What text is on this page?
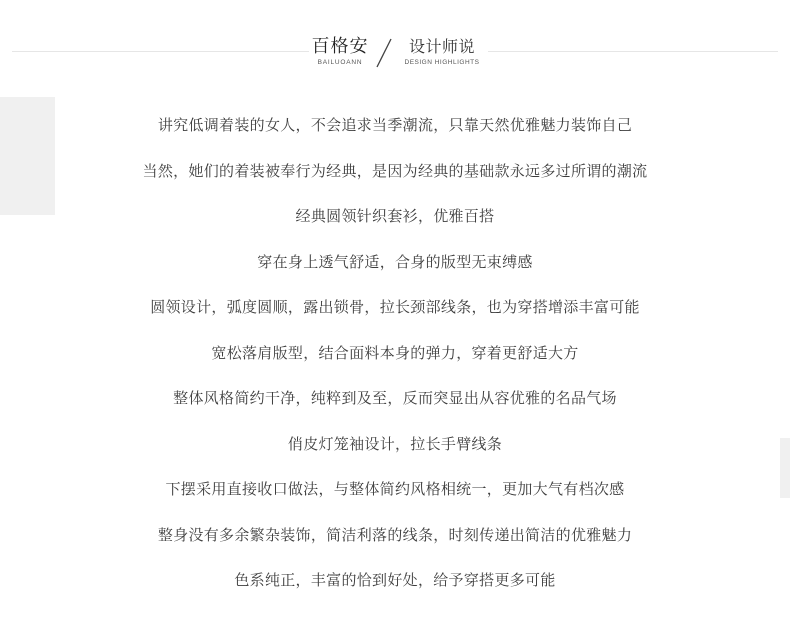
百格安
BAILUOANN
设计师说
DESIGN HIGHLIGHTS
讲究低调着装的女人，不会追求当季潮流，只靠天然优雅魅力装饰自己
当然，她们的着装被奉行为经典，是因为经典的基础款永远多过所谓的潮流
经典圆领针织套衫，优雅百搭
穿在身上透气舒适，合身的版型无束缚感
圆领设计，弧度圆顺，露出锁骨，拉长颈部线条，也为穿搭增添丰富可能
宽松落肩版型，结合面料本身的弹力，穿着更舒适大方
整体风格简约干净，纯粹到及至，反而突显出从容优雅的名品气场
俏皮灯笼袖设计，拉长手臂线条
下摆采用直接收口做法，与整体简约风格相统一，更加大气有档次感
整身没有多余繁杂装饰，简洁利落的线条，时刻传递出简洁的优雅魅力
色系纯正，丰富的恰到好处，给予穿搭更多可能
